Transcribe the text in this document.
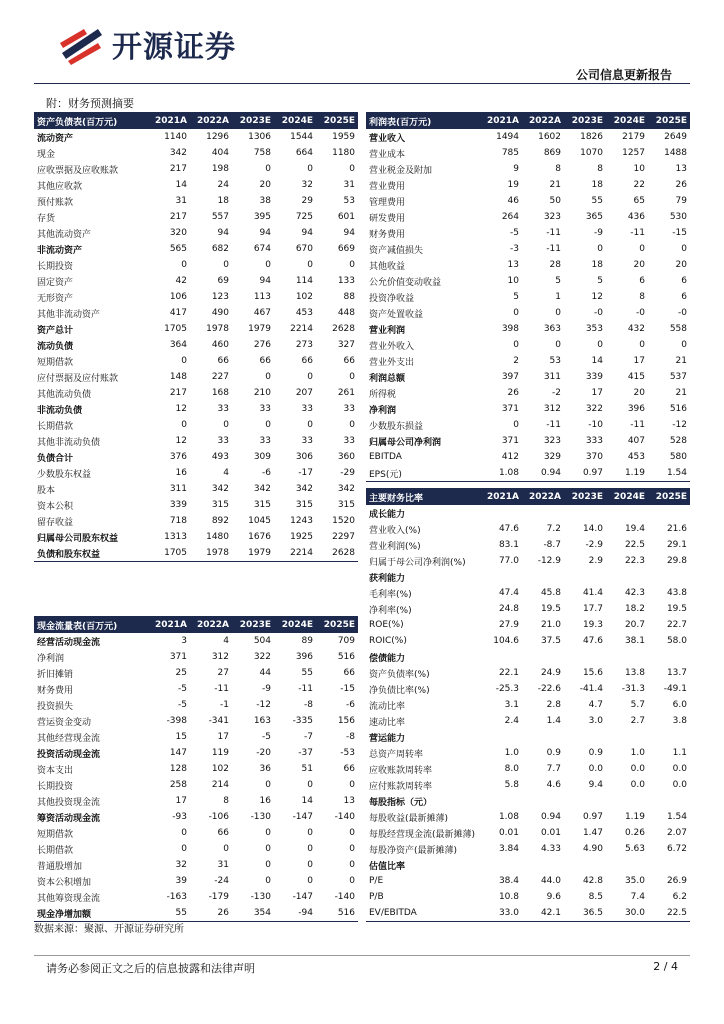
开源证券
公司信息更新报告
附：财务预测摘要
资产负债表(百万元)	2021A	2022A	2023E	2024E	2025E
流动资产	1140	1296	1306	1544	1959
现金	342	404	758	664	1180
应收票据及应收账款	217	198	0	0	0
其他应收款	14	24	20	32	31
预付账款	31	18	38	29	53
存货	217	557	395	725	601
其他流动资产	320	94	94	94	94
非流动资产	565	682	674	670	669
长期投资	0	0	0	0	0
固定资产	42	69	94	114	133
无形资产	106	123	113	102	88
其他非流动资产	417	490	467	453	448
资产总计	1705	1978	1979	2214	2628
流动负债	364	460	276	273	327
短期借款	0	66	66	66	66
应付票据及应付账款	148	227	0	0	0
其他流动负债	217	168	210	207	261
非流动负债	12	33	33	33	33
长期借款	0	0	0	0	0
其他非流动负债	12	33	33	33	33
负债合计	376	493	309	306	360
少数股东权益	16	4	-6	-17	-29
股本	311	342	342	342	342
资本公积	339	315	315	315	315
留存收益	718	892	1045	1243	1520
归属母公司股东权益	1313	1480	1676	1925	2297
负债和股东权益	1705	1978	1979	2214	2628
现金流量表(百万元)	2021A	2022A	2023E	2024E	2025E
经营活动现金流	3	4	504	89	709
净利润	371	312	322	396	516
折旧摊销	25	27	44	55	66
财务费用	-5	-11	-9	-11	-15
投资损失	-5	-1	-12	-8	-6
营运资金变动	-398	-341	163	-335	156
其他经营现金流	15	17	-5	-7	-8
投资活动现金流	147	119	-20	-37	-53
资本支出	128	102	36	51	66
长期投资	258	214	0	0	0
其他投资现金流	17	8	16	14	13
筹资活动现金流	-93	-106	-130	-147	-140
短期借款	0	66	0	0	0
长期借款	0	0	0	0	0
普通股增加	32	31	0	0	0
资本公积增加	39	-24	0	0	0
其他筹资现金流	-163	-179	-130	-147	-140
现金净增加额	55	26	354	-94	516
利润表(百万元)	2021A	2022A	2023E	2024E	2025E
营业收入	1494	1602	1826	2179	2649
营业成本	785	869	1070	1257	1488
营业税金及附加	9	8	8	10	13
营业费用	19	21	18	22	26
管理费用	46	50	55	65	79
研发费用	264	323	365	436	530
财务费用	-5	-11	-9	-11	-15
资产减值损失	-3	-11	0	0	0
其他收益	13	28	18	20	20
公允价值变动收益	10	5	5	6	6
投资净收益	5	1	12	8	6
资产处置收益	0	0	-0	-0	-0
营业利润	398	363	353	432	558
营业外收入	0	0	0	0	0
营业外支出	2	53	14	17	21
利润总额	397	311	339	415	537
所得税	26	-2	17	20	21
净利润	371	312	322	396	516
少数股东损益	0	-11	-10	-11	-12
归属母公司净利润	371	323	333	407	528
EBITDA	412	329	370	453	580
EPS(元)	1.08	0.94	0.97	1.19	1.54
主要财务比率	2021A	2022A	2023E	2024E	2025E
成长能力					
营业收入(%)	47.6	7.2	14.0	19.4	21.6
营业利润(%)	83.1	-8.7	-2.9	22.5	29.1
归属于母公司净利润(%)	77.0	-12.9	2.9	22.3	29.8
获利能力					
毛利率(%)	47.4	45.8	41.4	42.3	43.8
净利率(%)	24.8	19.5	17.7	18.2	19.5
ROE(%)	27.9	21.0	19.3	20.7	22.7
ROIC(%)	104.6	37.5	47.6	38.1	58.0
偿债能力					
资产负债率(%)	22.1	24.9	15.6	13.8	13.7
净负债比率(%)	-25.3	-22.6	-41.4	-31.3	-49.1
流动比率	3.1	2.8	4.7	5.7	6.0
速动比率	2.4	1.4	3.0	2.7	3.8
营运能力					
总资产周转率	1.0	0.9	0.9	1.0	1.1
应收账款周转率	8.0	7.7	0.0	0.0	0.0
应付账款周转率	5.8	4.6	9.4	0.0	0.0
每股指标（元）					
每股收益(最新摊薄)	1.08	0.94	0.97	1.19	1.54
每股经营现金流(最新摊薄)	0.01	0.01	1.47	0.26	2.07
每股净资产(最新摊薄)	3.84	4.33	4.90	5.63	6.72
估值比率					
P/E	38.4	44.0	42.8	35.0	26.9
P/B	10.8	9.6	8.5	7.4	6.2
EV/EBITDA	33.0	42.1	36.5	30.0	22.5
数据来源：聚源、开源证券研究所
请务必参阅正文之后的信息披露和法律声明	2 / 4
